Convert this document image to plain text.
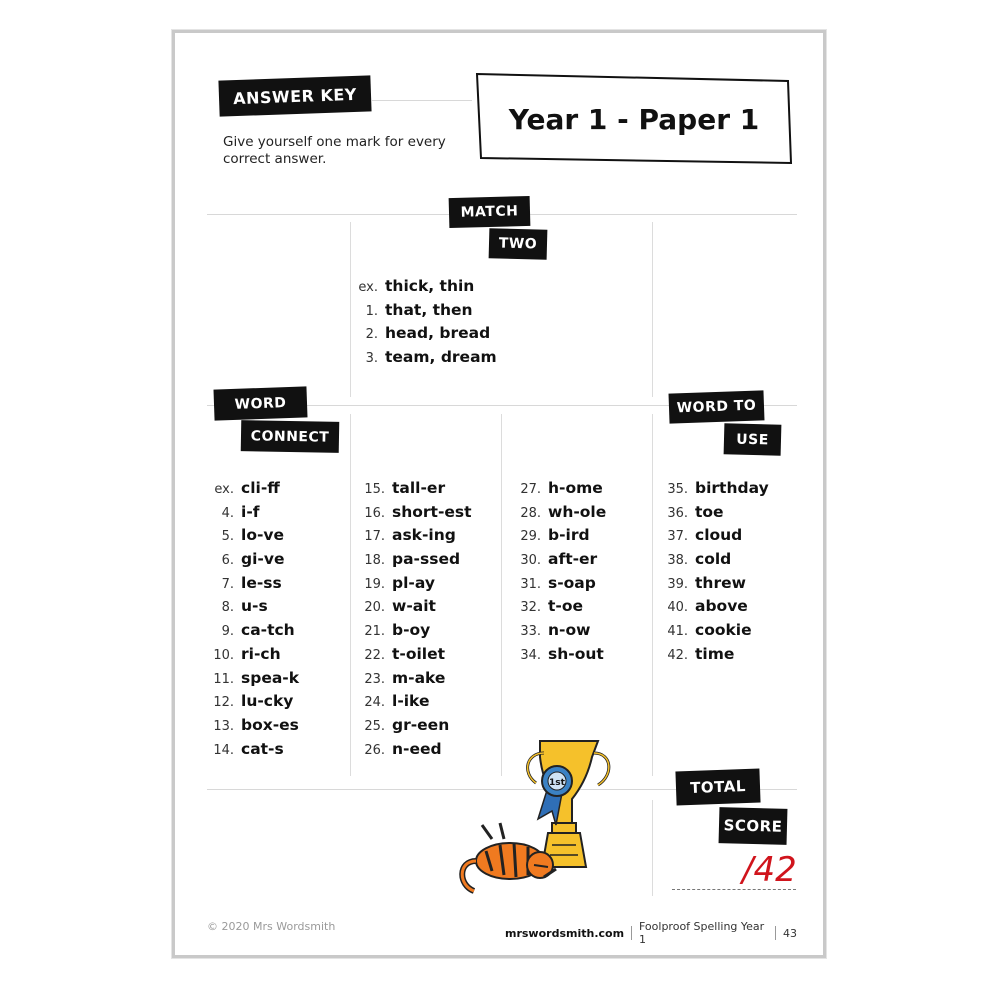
ANSWER KEY
Give yourself one mark for every correct answer.
Year 1 - Paper 1
MATCH
TWO
ex. thick, thin
1. that, then
2. head, bread
3. team, dream
WORD
CONNECT
ex. cli-ff
4. i-f
5. lo-ve
6. gi-ve
7. le-ss
8. u-s
9. ca-tch
10. ri-ch
11. spea-k
12. lu-cky
13. box-es
14. cat-s
15. tall-er
16. short-est
17. ask-ing
18. pa-ssed
19. pl-ay
20. w-ait
21. b-oy
22. t-oilet
23. m-ake
24. l-ike
25. gr-een
26. n-eed
27. h-ome
28. wh-ole
29. b-ird
30. aft-er
31. s-oap
32. t-oe
33. n-ow
34. sh-out
WORD TO
USE
35. birthday
36. toe
37. cloud
38. cold
39. threw
40. above
41. cookie
42. time
TOTAL
SCORE
/42
1st
© 2020 Mrs Wordsmith	mrswordsmith.com Foolproof Spelling Year 1	43
